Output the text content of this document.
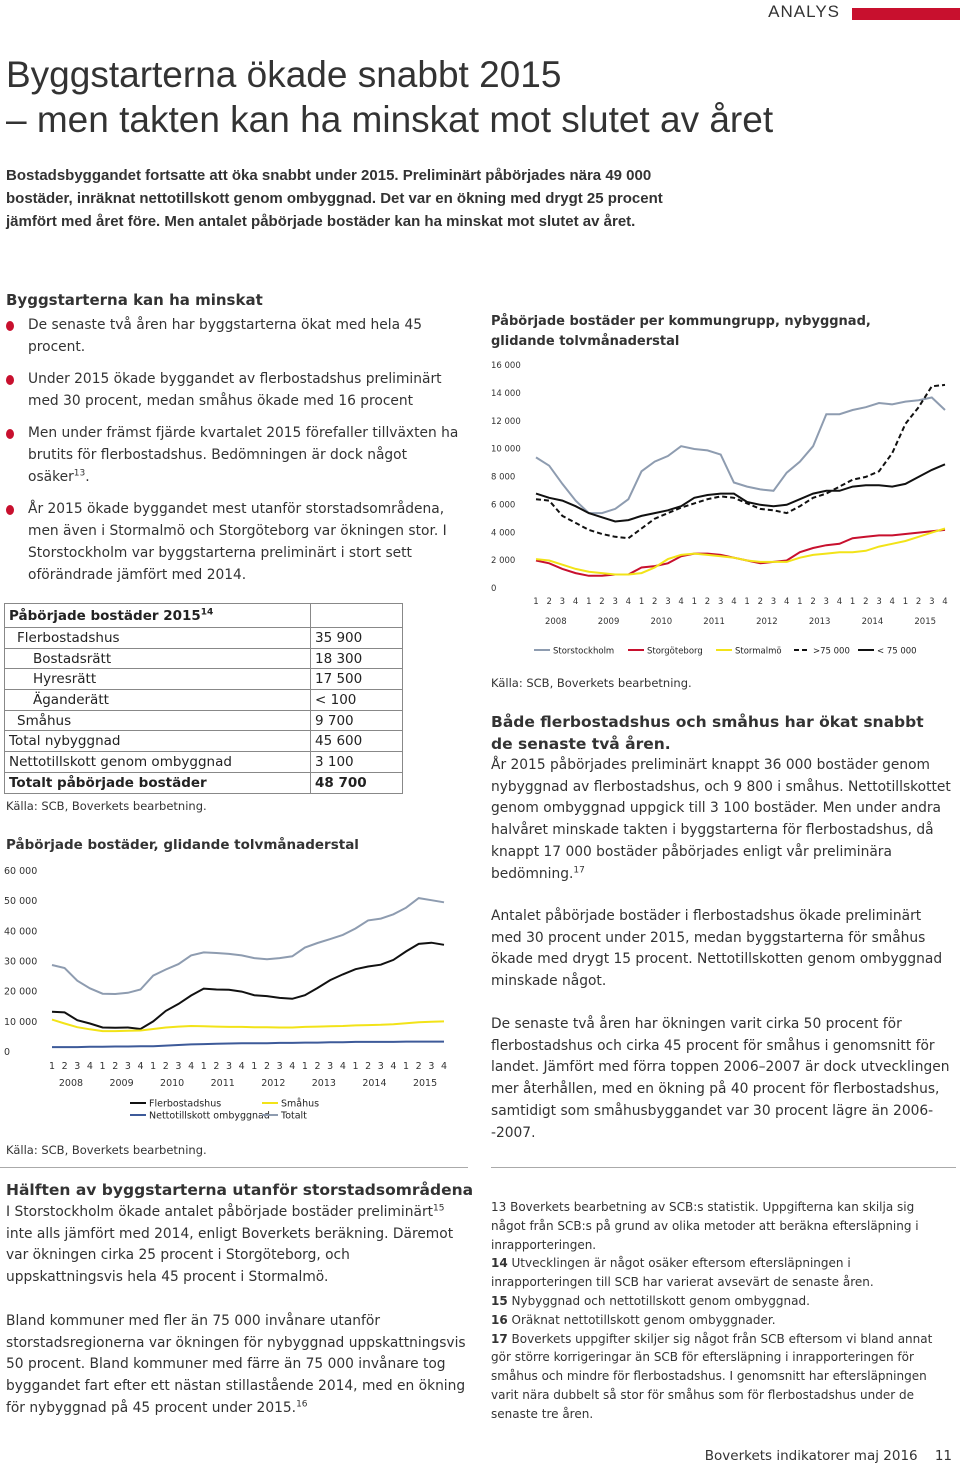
ANALYS
Byggstarterna ökade snabbt 2015
– men takten kan ha minskat mot slutet av året
Bostadsbyggandet fortsatte att öka snabbt under 2015. Preliminärt påbörjades nära 49 000 bostäder, inräknat nettotillskott genom ombyggnad. Det var en ökning med drygt 25 procent jämfört med året före. Men antalet påbörjade bostäder kan ha minskat mot slutet av året.
Byggstarterna kan ha minskat
De senaste två åren har byggstarterna ökat med hela 45 procent.
Under 2015 ökade byggandet av flerbostadshus preliminärt med 30 procent, medan småhus ökade med 16 procent
Men under främst fjärde kvartalet 2015 förefaller tillväxten ha brutits för flerbostadshus. Bedömningen är dock något osäker$^{13}$.
År 2015 ökade byggandet mest utanför storstadsområdena, men även i Stormalmö och Storgöteborg var ökningen stor. I Storstockholm var byggstarterna preliminärt i stort sett oförändrade jämfört med 2014.
Påbörjade bostäder 2015$^{14}$	
Flerbostadshus	35 900
Bostadsrätt	18 300
Hyresrätt	17 500
Äganderätt	< 100
Småhus	9 700
Total nybyggnad	45 600
Nettotillskott genom ombyggnad	3 100
Totalt påbörjade bostäder	48 700
Källa: SCB, Boverkets bearbetning.
Påbörjade bostäder, glidande tolvmånaderstal
0
10 000
20 000
30 000
40 000
50 000
60 000
1 2 3 4 1 2 3 4 1 2 3 4 1 2 3 4 1 2 3 4 1 2 3 4 1 2 3 4 1 2 3 4
2008	2009	2010	2011	2012	2013	2014	2015
Flerbostadshus	Småhus
Nettotillskott ombyggnad Totalt
Källa: SCB, Boverkets bearbetning.
Påbörjade bostäder per kommungrupp, nybyggnad, glidande tolvmånaderstal
0
2 000
4 000
6 000
8 000
10 000
12 000
14 000
16 000
1 2 3 4 1 2 3 4 1 2 3 4 1 2 3 4 1 2 3 4 1 2 3 4 1 2 3 4 1 2 3 4
2008	2009	2010	2011	2012	2013	2014	2015
Storstockholm	Storgöteborg	Stormalmö	>75 000	< 75 000
Källa: SCB, Boverkets bearbetning.
Både flerbostadshus och småhus har ökat snabbt de senaste två åren.
År 2015 påbörjades preliminärt knappt 36 000 bostäder genom nybyggnad av flerbostadshus, och 9 800 i småhus. Nettotillskottet genom ombyggnad uppgick till 3 100 bostäder. Men under andra halvåret minskade takten i byggstarterna för flerbostadshus, då knappt 17 000 bostäder påbörjades enligt vår preliminära bedömning.$^{17}$
Antalet påbörjade bostäder i flerbostadshus ökade preliminärt med 30 procent under 2015, medan byggstarterna för småhus ökade med drygt 15 procent. Nettotillskotten genom ombyggnad minskade något.
De senaste två åren har ökningen varit cirka 50 procent för flerbostadshus och cirka 45 procent för småhus i genomsnitt för landet. Jämfört med förra toppen 2006–2007 är dock utvecklingen mer återhållen, med en ökning på 40 procent för flerbostadshus, samtidigt som småhusbyggandet var 30 procent lägre än 2006--2007.
Hälften av byggstarterna utanför storstadsområdena
I Storstockholm ökade antalet påbörjade bostäder preliminärt$^{15}$ inte alls jämfört med 2014, enligt Boverkets beräkning. Däremot var ökningen cirka 25 procent i Storgöteborg, och uppskattningsvis hela 45 procent i Stormalmö.
Bland kommuner med fler än 75 000 invånare utanför storstadsregionerna var ökningen för nybyggnad uppskattningsvis 50 procent. Bland kommuner med färre än 75 000 invånare tog byggandet fart efter ett nästan stillastående 2014, med en ökning för nybyggnad på 45 procent under 2015.16
13 Boverkets bearbetning av SCB:s statistik. Uppgifterna kan skilja sig något från SCB:s på grund av olika metoder att beräkna eftersläpning i inrapporteringen.
14 Utvecklingen är något osäker eftersom eftersläpningen i inrapporteringen till SCB har varierat avsevärt de senaste åren.
15 Nybyggnad och nettotillskott genom ombyggnad.
16 Oräknat nettotillskott genom ombyggnader.
17 Boverkets uppgifter skiljer sig något från SCB eftersom vi bland annat gör större korrigeringar än SCB för eftersläpning i inrapporteringen för småhus och mindre för flerbostadshus. I genomsnitt har eftersläpningen varit nära dubbelt så stor för småhus som för flerbostadshus under de senaste tre åren.
Boverkets indikatorer maj 2016 11
